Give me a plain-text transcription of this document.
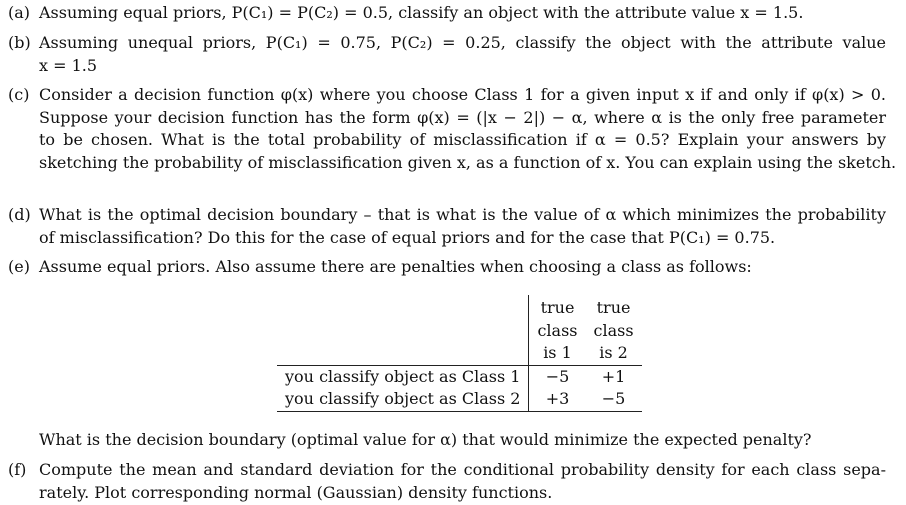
(a) Assuming equal priors, P(C₁) = P(C₂) = 0.5, classify an object with the attribute value x = 1.5.
(b) Assuming unequal priors, P(C₁) = 0.75, P(C₂) = 0.25, classify the object with the attribute value
x = 1.5
(c) Consider a decision function φ(x) where you choose Class 1 for a given input x if and only if φ(x) > 0.
Suppose your decision function has the form φ(x) = (|x − 2|) − α, where α is the only free parameter
to be chosen. What is the total probability of misclassification if α = 0.5? Explain your answers by
sketching the probability of misclassification given x, as a function of x. You can explain using the sketch.
(d) What is the optimal decision boundary – that is what is the value of α which minimizes the probability
of misclassification? Do this for the case of equal priors and for the case that P(C₁) = 0.75.
(e) Assume equal priors. Also assume there are penalties when choosing a class as follows:
	true
class
is 1	true
class
is 2
you classify object as Class 1	−5	+1
you classify object as Class 2	+3	−5
What is the decision boundary (optimal value for α) that would minimize the expected penalty?
(f) Compute the mean and standard deviation for the conditional probability density for each class sepa-
rately. Plot corresponding normal (Gaussian) density functions.
